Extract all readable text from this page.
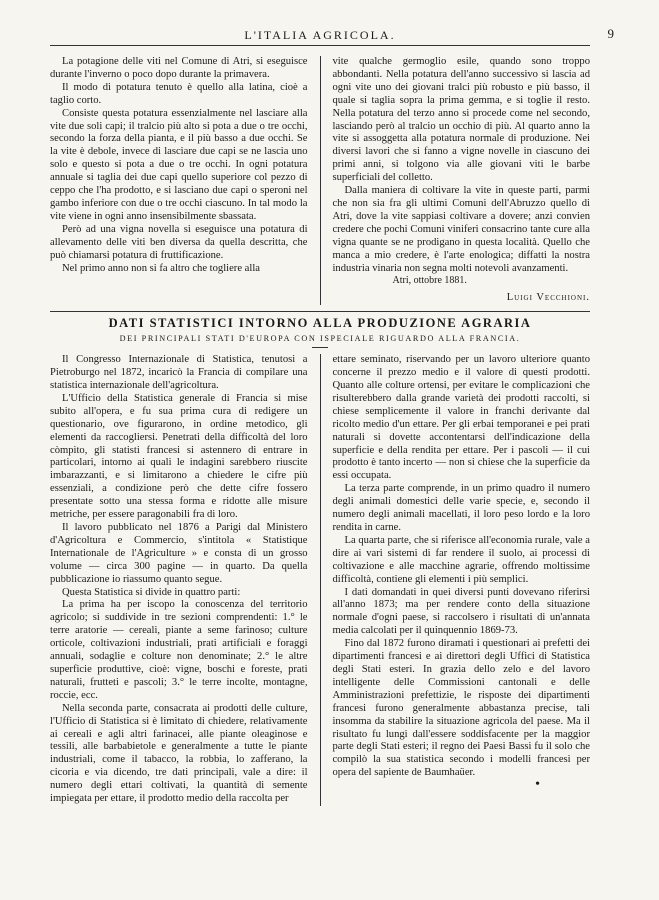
L'ITALIA AGRICOLA.	9

La potagione delle viti nel Comune di Atri, si eseguisce durante l'inverno o poco dopo durante la primavera.

Il modo di potatura tenuto è quello alla latina, cioè a taglio corto.

Consiste questa potatura essenzialmente nel lasciare alla vite due soli capi; il tralcio più alto si pota a due o tre occhi, secondo la forza della pianta, e il più basso a due occhi. Se la vite è debole, invece di lasciare due capi se ne lascia uno solo e questo si pota a due o tre occhi. In ogni potatura annuale si taglia dei due capi quello superiore col pezzo di ceppo che l'ha prodotto, e si lasciano due capi o speroni nel gambo inferiore con due o tre occhi ciascuno. In tal modo la vite viene in ogni anno insensibilmente sbassata.

Però ad una vigna novella si eseguisce una potatura di allevamento delle viti ben diversa da quella descritta, che può chiamarsi potatura di fruttificazione.

Nel primo anno non si fa altro che togliere alla

vite qualche germoglio esile, quando sono troppo abbondanti. Nella potatura dell'anno successivo si lascia ad ogni vite uno dei giovani tralci più robusto e più basso, il quale si taglia sopra la prima gemma, e si toglie il resto. Nella potatura del terzo anno si procede come nel secondo, lasciando però al tralcio un occhio di più. Al quarto anno la vite si assoggetta alla potatura normale di produzione. Nei diversi lavori che si fanno a vigne novelle in ciascuno dei primi anni, si tolgono via alle giovani viti le barbe superficiali del colletto.

Dalla maniera di coltivare la vite in queste parti, parmi che non sia fra gli ultimi Comuni dell'Abruzzo quello di Atri, dove la vite sappiasi coltivare a dovere; anzi convien credere che pochi Comuni viniferi consacrino tante cure alla vigna quante se ne prodigano in questa località. Quello che manca a mio credere, è l'arte enologica; diffatti la nostra industria vinaria non segna molti notevoli avanzamenti.

Atri, ottobre 1881.
Luigi Vecchioni.
DATI STATISTICI INTORNO ALLA PRODUZIONE AGRARIA
DEI PRINCIPALI STATI D'EUROPA CON ISPECIALE RIGUARDO ALLA FRANCIA.

Il Congresso Internazionale di Statistica, tenutosi a Pietroburgo nel 1872, incaricò la Francia di compilare una statistica internazionale dell'agricoltura.

L'Ufficio della Statistica generale di Francia si mise subito all'opera, e fu sua prima cura di redigere un questionario, ove figurarono, in ordine metodico, gli elementi da raccogliersi. Penetrati della difficoltà del loro còmpito, gli statisti francesi si astennero di entrare in particolari, intorno ai quali le indagini sarebbero riuscite imbarazzanti, e si limitarono a chiedere le cifre più essenziali, a condizione però che dette cifre fossero presentate sotto una stessa forma e ridotte alle misure metriche, per essere paragonabili fra di loro.

Il lavoro pubblicato nel 1876 a Parigi dal Ministero d'Agricoltura e Commercio, s'intitola « Statistique Internationale de l'Agriculture » e consta di un grosso volume — circa 300 pagine — in quarto. Da quella pubblicazione io riassumo quanto segue.

Questa Statistica si divide in quattro parti:

La prima ha per iscopo la conoscenza del territorio agricolo; si suddivide in tre sezioni comprendenti: 1.° le terre aratorie — cereali, piante a seme farinoso; culture orticole, coltivazioni industriali, prati artificiali e foraggi annuali, sodaglie e colture non denominate; 2.° le altre superficie produttive, cioè: vigne, boschi e foreste, prati naturali, frutteti e pascoli; 3.° le terre incolte, montagne, roccie, ecc.

Nella seconda parte, consacrata ai prodotti delle culture, l'Ufficio di Statistica si è limitato di chiedere, relativamente ai cereali e agli altri farinacei, alle piante oleaginose e tessili, alle barbabietole e generalmente a tutte le piante industriali, come il tabacco, la robbia, lo zafferano, la cicoria e via dicendo, tre dati principali, vale a dire: il numero degli ettari coltivati, la quantità di semente impiegata per ettare, il prodotto medio della raccolta per

ettare seminato, riservando per un lavoro ulteriore quanto concerne il prezzo medio e il valore di questi prodotti. Quanto alle colture ortensi, per evitare le complicazioni che risulterebbero dalla grande varietà dei prodotti raccolti, si chiese semplicemente il valore in franchi derivante dal ricolto medio d'un ettare. Per gli erbai temporanei e pei prati naturali si dovette accontentarsi dell'indicazione della superficie e della rendita per ettare. Per i pascoli — il cui prodotto è tanto incerto — non si chiese che la superficie da essi occupata.

La terza parte comprende, in un primo quadro il numero degli animali domestici delle varie specie, e, secondo il numero degli animali macellati, il loro peso lordo e la loro rendita in carne.

La quarta parte, che si riferisce all'economia rurale, vale a dire ai vari sistemi di far rendere il suolo, ai processi di coltivazione e alle macchine agrarie, offrendo moltissime difficoltà, contiene gli elementi i più semplici.

I dati domandati in quei diversi punti dovevano riferirsi all'anno 1873; ma per rendere conto della situazione normale d'ogni paese, si raccolsero i risultati di un'annata media calcolati per il quinquennio 1869-73.

Fino dal 1872 furono diramati i questionari ai prefetti dei dipartimenti francesi e ai direttori degli Uffici di Statistica degli Stati esteri. In grazia dello zelo e del lavoro intelligente delle Commissioni cantonali e delle Amministrazioni prefettizie, le risposte dei dipartimenti francesi furono generalmente abbastanza precise, tali insomma da stabilire la situazione agricola del paese. Ma il risultato fu lungi dall'essere soddisfacente per la maggior parte degli Stati esteri; il regno dei Paesi Bassi fu il solo che compilò la sua statistica secondo i modelli francesi per opera del sapiente de Baumhaüer.

•
